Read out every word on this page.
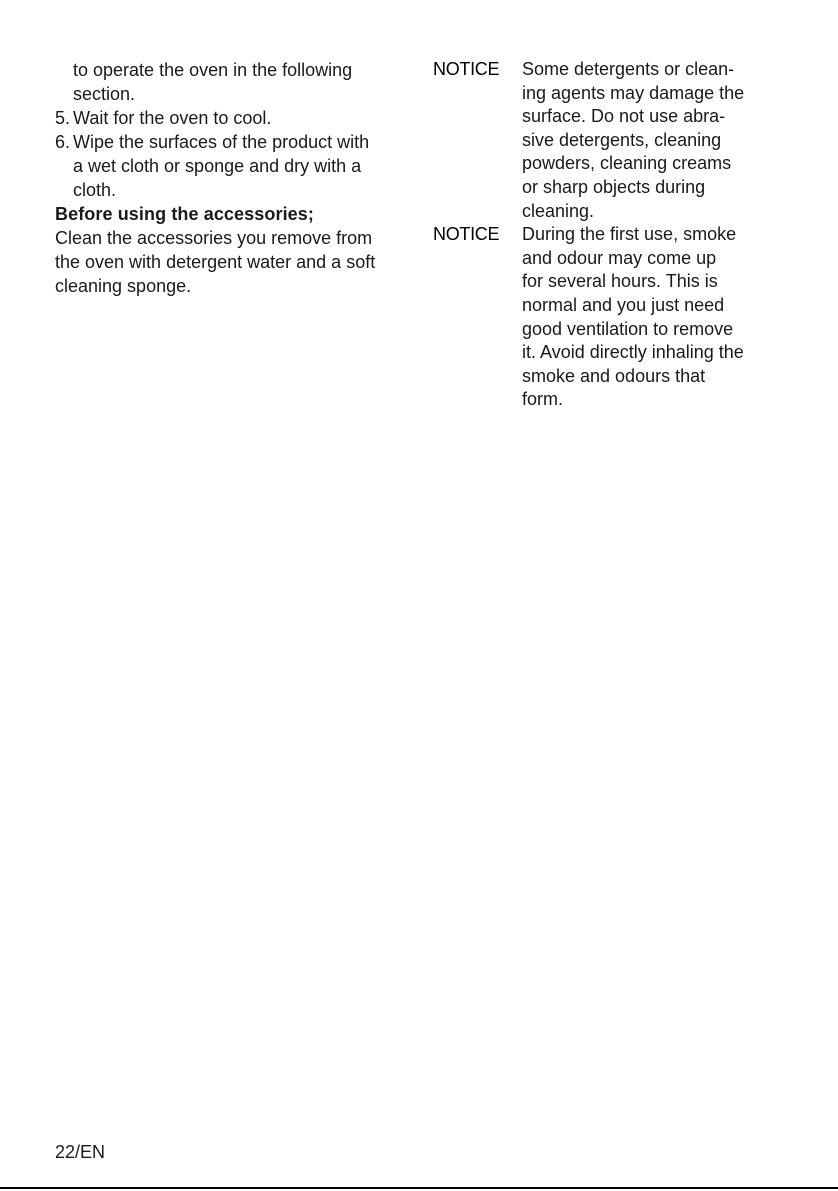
to operate the oven in the following

section.

5. Wait for the oven to cool.
6. Wipe the surfaces of the product with
a wet cloth or sponge and dry with a
cloth.

Before using the accessories;

Clean the accessories you remove from

the oven with detergent water and a soft

cleaning sponge.

NOTICE	Some detergents or clean-
ing agents may damage the
surface. Do not use abra-
sive detergents, cleaning
powders, cleaning creams
or sharp objects during
cleaning.
NOTICE	During the first use, smoke
and odour may come up
for several hours. This is
normal and you just need
good ventilation to remove
it. Avoid directly inhaling the
smoke and odours that
form.
22/EN
